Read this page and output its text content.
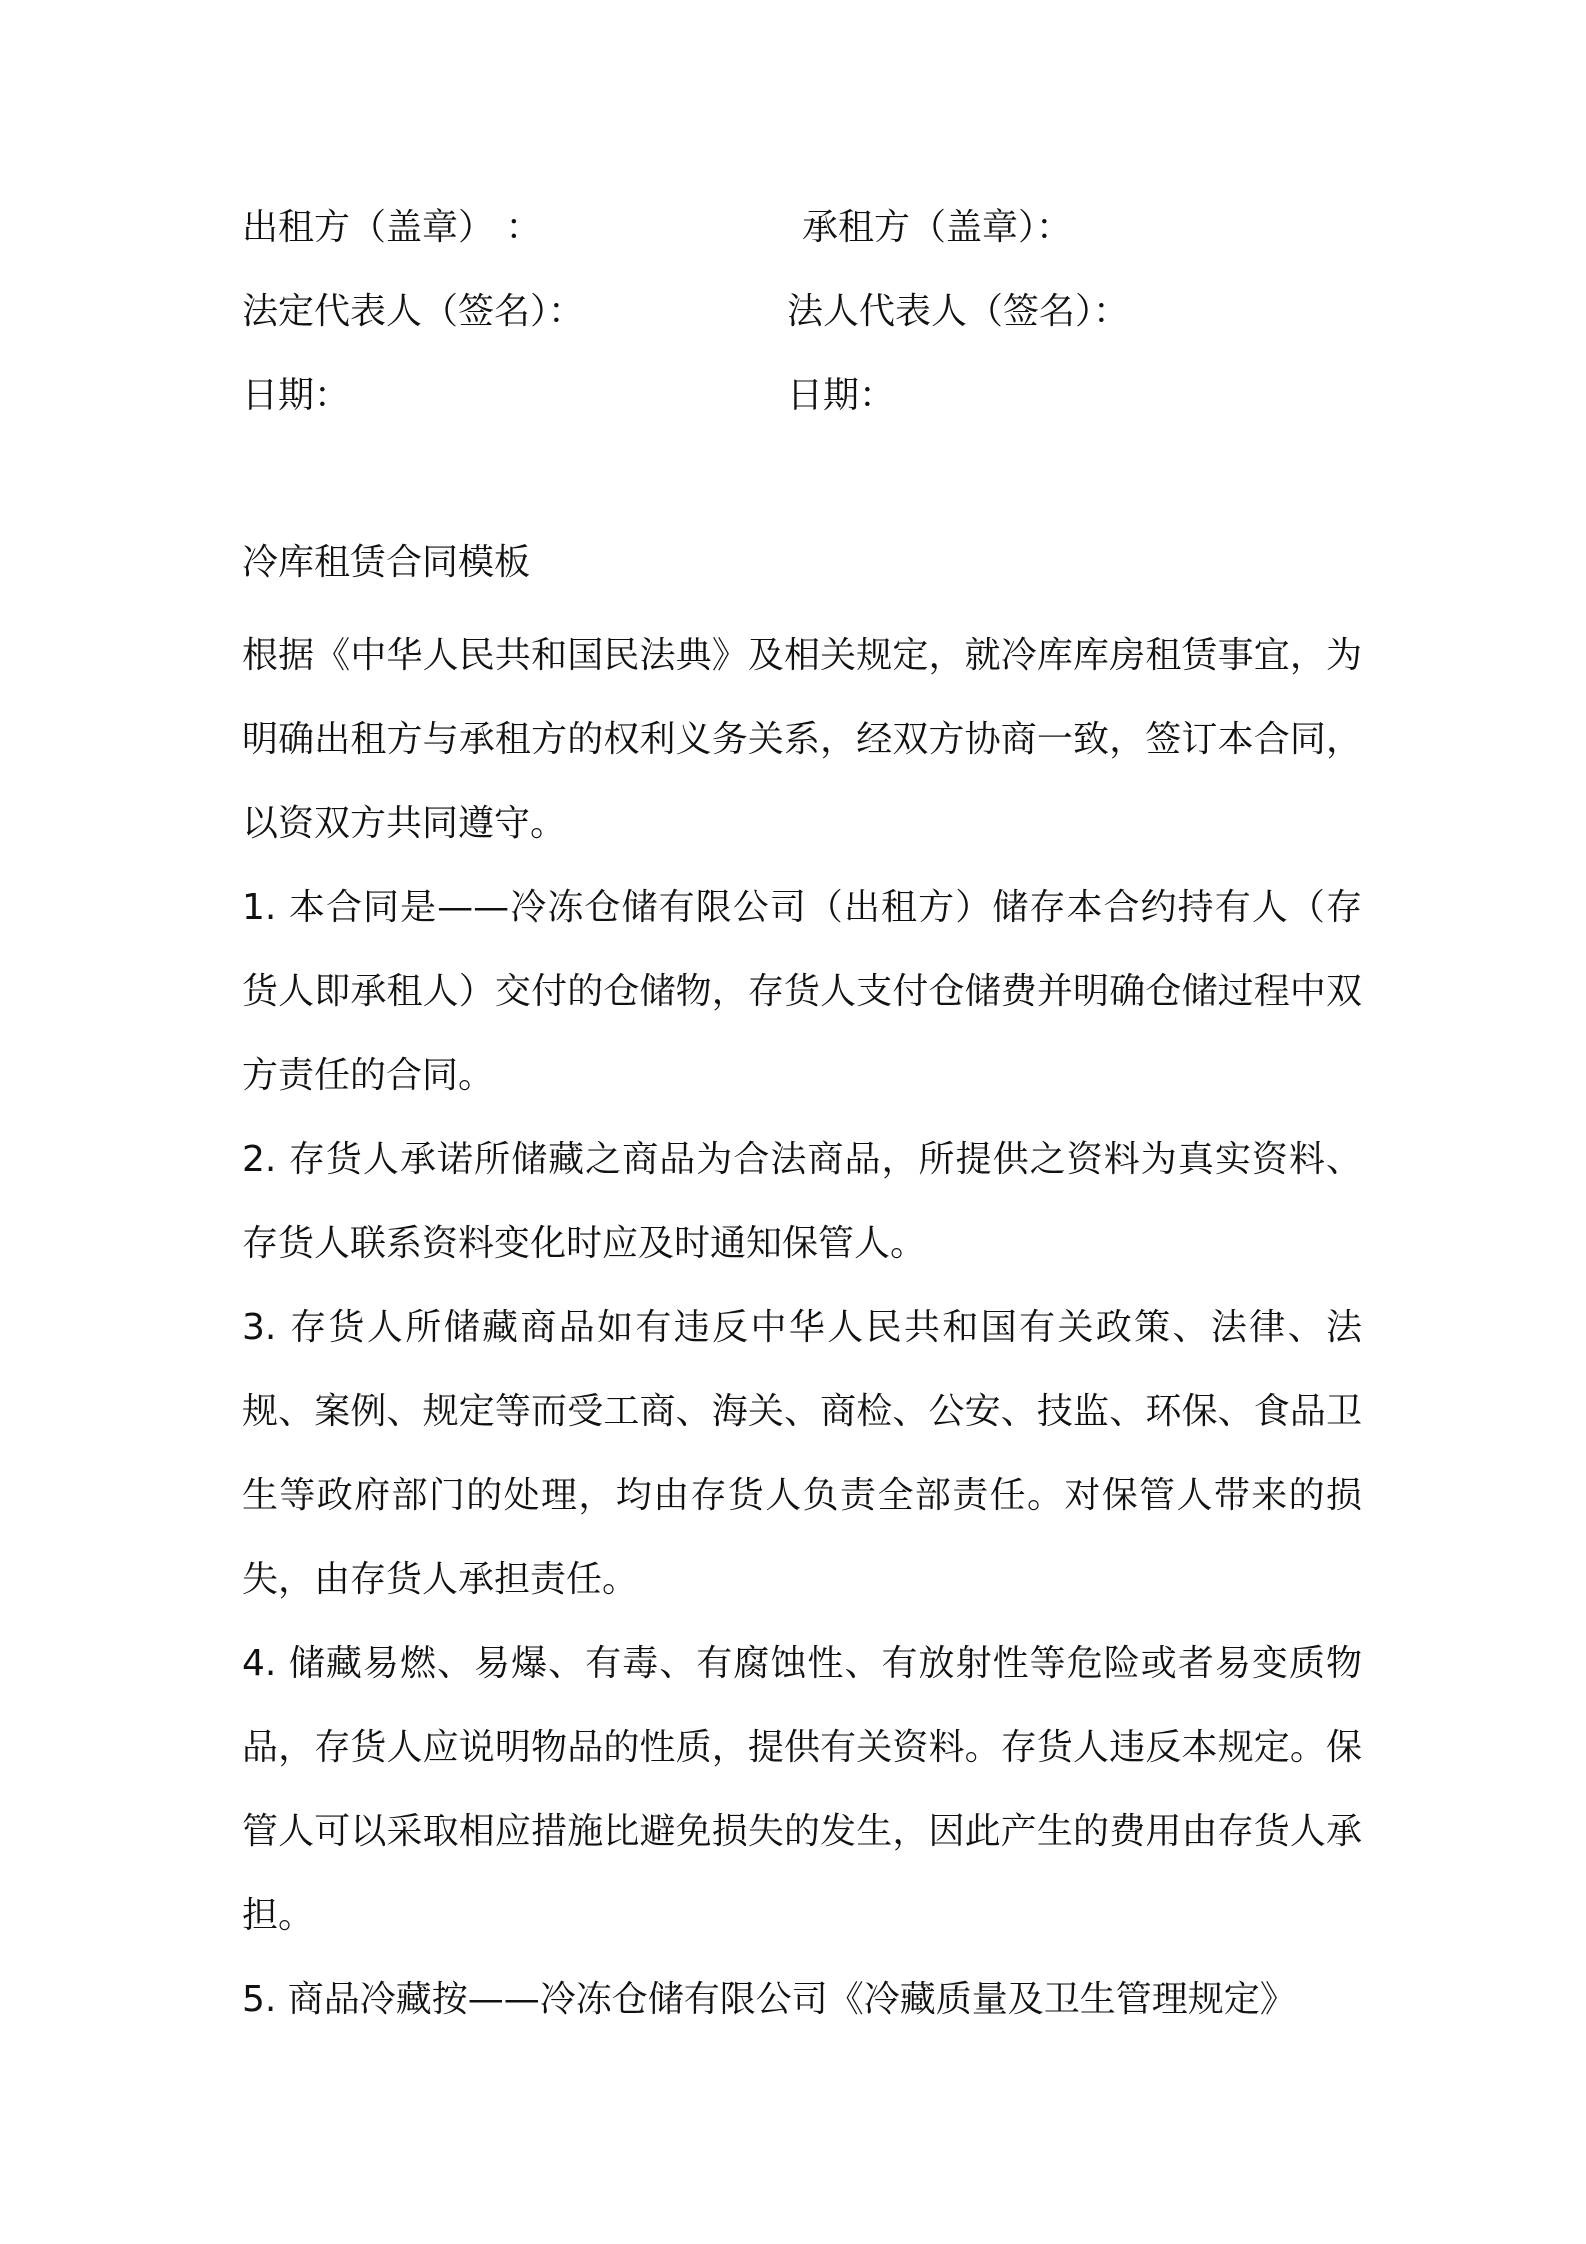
出租方（盖章） ：	承租方（盖章）：
法定代表人（签名）：	法人代表人（签名）：
日期：	日期：
冷库租赁合同模板

根据《中华人民共和国民法典》及相关规定，就冷库库房租赁事宜，为明确出租方与承租方的权利义务关系，经双方协商一致，签订本合同，以资双方共同遵守。

1. 本合同是——冷冻仓储有限公司（出租方）储存本合约持有人（存货人即承租人）交付的仓储物，存货人支付仓储费并明确仓储过程中双方责任的合同。

2. 存货人承诺所储藏之商品为合法商品，所提供之资料为真实资料、存货人联系资料变化时应及时通知保管人。

3. 存货人所储藏商品如有违反中华人民共和国有关政策、法律、法规、案例、规定等而受工商、海关、商检、公安、技监、环保、食品卫生等政府部门的处理，均由存货人负责全部责任。对保管人带来的损失，由存货人承担责任。

4. 储藏易燃、易爆、有毒、有腐蚀性、有放射性等危险或者易变质物品，存货人应说明物品的性质，提供有关资料。存货人违反本规定。保管人可以采取相应措施比避免损失的发生，因此产生的费用由存货人承担。

5. 商品冷藏按——冷冻仓储有限公司《冷藏质量及卫生管理规定》
